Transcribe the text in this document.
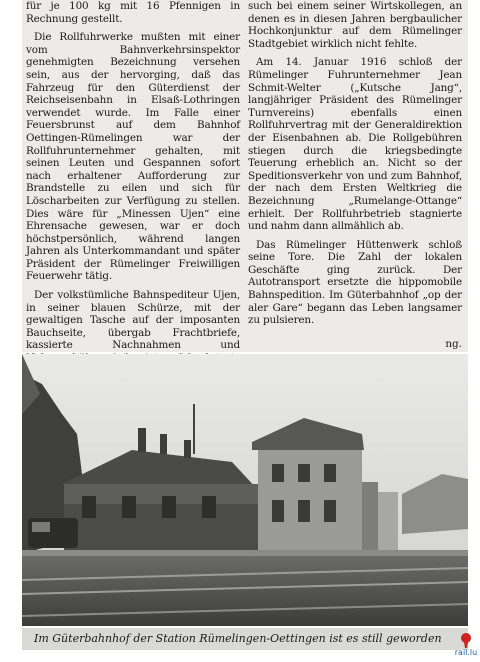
für je 100 kg mit 16 Pfennigen in Rechnung gestellt.

Die Rollfuhrwerke mußten mit einer vom Bahnverkehrsinspektor genehmigten Bezeichnung versehen sein, aus der hervorging, daß das Fahrzeug für den Güterdienst der Reichseisenbahn in Elsaß-Lothringen verwendet wurde. Im Falle einer Feuersbrunst auf dem Bahnhof Oettingen-Rümelingen war der Rollfuhrunternehmer gehalten, mit seinen Leuten und Gespannen sofort nach erhaltener Aufforderung zur Brandstelle zu eilen und sich für Löscharbeiten zur Verfügung zu stellen. Dies wäre für „Minessen Ujen“ eine Ehrensache gewesen, war er doch höchstpersönlich, während langen Jahren als Unterkommandant und später Präsident der Rümelinger Freiwilligen Feuerwehr tätig.

Der volkstümliche Bahnspediteur Ujen, in seiner blauen Schürze, mit der gewaltigen Tasche auf der imposanten Bauchseite, übergab Frachtbriefe, kassierte Nachnahmen und

such bei einem seiner Wirtskollegen, an denen es in diesen Jahren bergbaulicher Hochkonjunktur auf dem Rümelinger Stadtgebiet wirklich nicht fehlte.

Am 14. Januar 1916 schloß der Rümelinger Fuhrunternehmer Jean Schmit-Welter („Kutsche Jang“, langjähriger Präsident des Rümelinger Turnvereins) ebenfalls einen Rollfuhrvertrag mit der Generaldirektion der Eisenbahnen ab. Die Rollgebühren stiegen durch die kriegsbedingte Teuerung erheblich an. Nicht so der Speditionsverkehr von und zum Bahnhof, der nach dem Ersten Weltkrieg die Bezeichnung „Rumelange-Ottange“ erhielt. Der Rollfuhrbetrieb stagnierte und nahm dann allmählich ab.

Das Rümelinger Hüttenwerk schloß seine Tore. Die Zahl der lokalen Geschäfte ging zurück. Der Autotransport ersetzte die hippomobile Bahnspedition. Im Güterbahnhof „op der aler Gare“ begann das Leben langsamer zu pulsieren.

ng.
Im Güterbahnhof der Station Rümelingen-Oettingen ist es still geworden
rail.lu
